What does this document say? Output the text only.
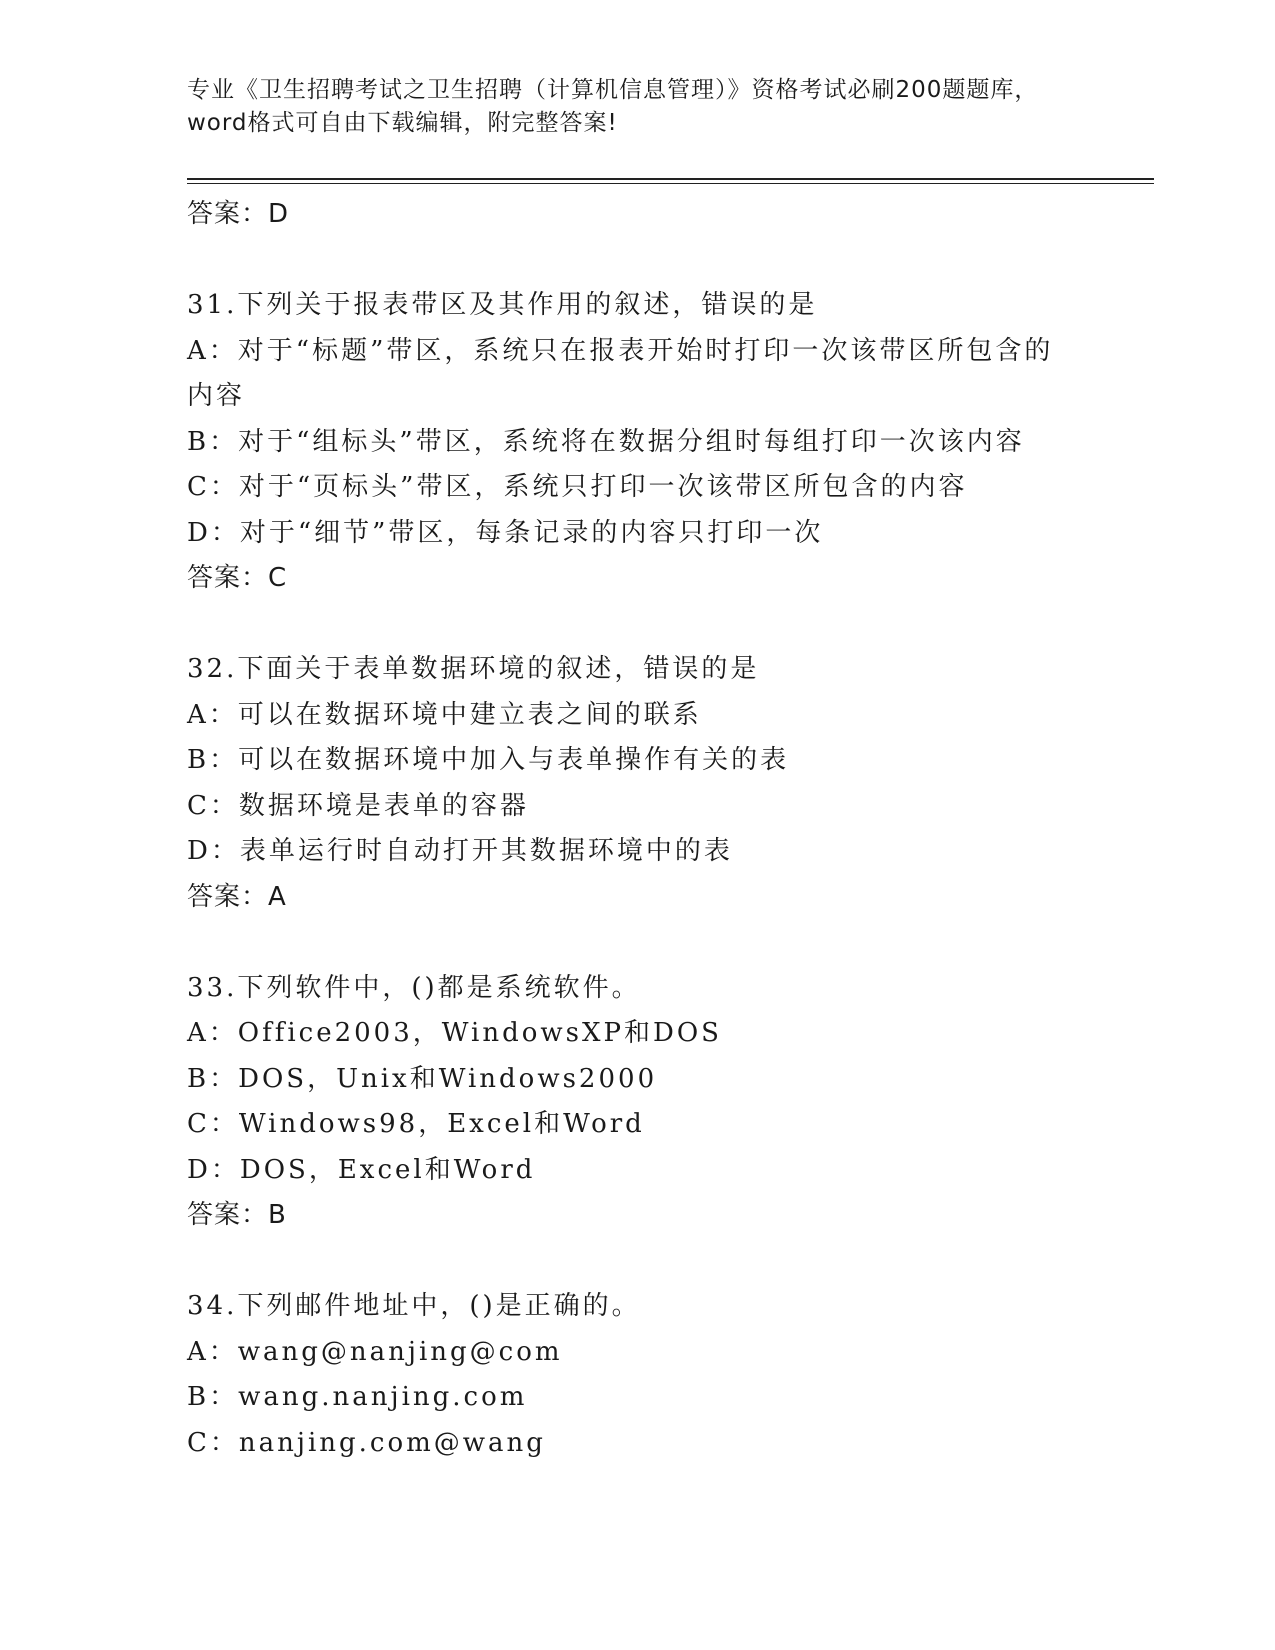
专业《卫生招聘考试之卫生招聘（计算机信息管理）》资格考试必刷200题题库，
word格式可自由下载编辑，附完整答案!

答案：D

31.下列关于报表带区及其作用的叙述，错误的是

A：对于“标题”带区，系统只在报表开始时打印一次该带区所包含的

内容

B：对于“组标头”带区，系统将在数据分组时每组打印一次该内容

C：对于“页标头”带区，系统只打印一次该带区所包含的内容

D：对于“细节”带区，每条记录的内容只打印一次

答案：C

32.下面关于表单数据环境的叙述，错误的是

A：可以在数据环境中建立表之间的联系

B：可以在数据环境中加入与表单操作有关的表

C：数据环境是表单的容器

D：表单运行时自动打开其数据环境中的表

答案：A

33.下列软件中，()都是系统软件。

A：Office2003，WindowsXP和DOS

B：DOS，Unix和Windows2000

C：Windows98，Excel和Word

D：DOS，Excel和Word

答案：B

34.下列邮件地址中，()是正确的。

A：wang@nanjing@com

B：wang.nanjing.com

C：nanjing.com@wang
